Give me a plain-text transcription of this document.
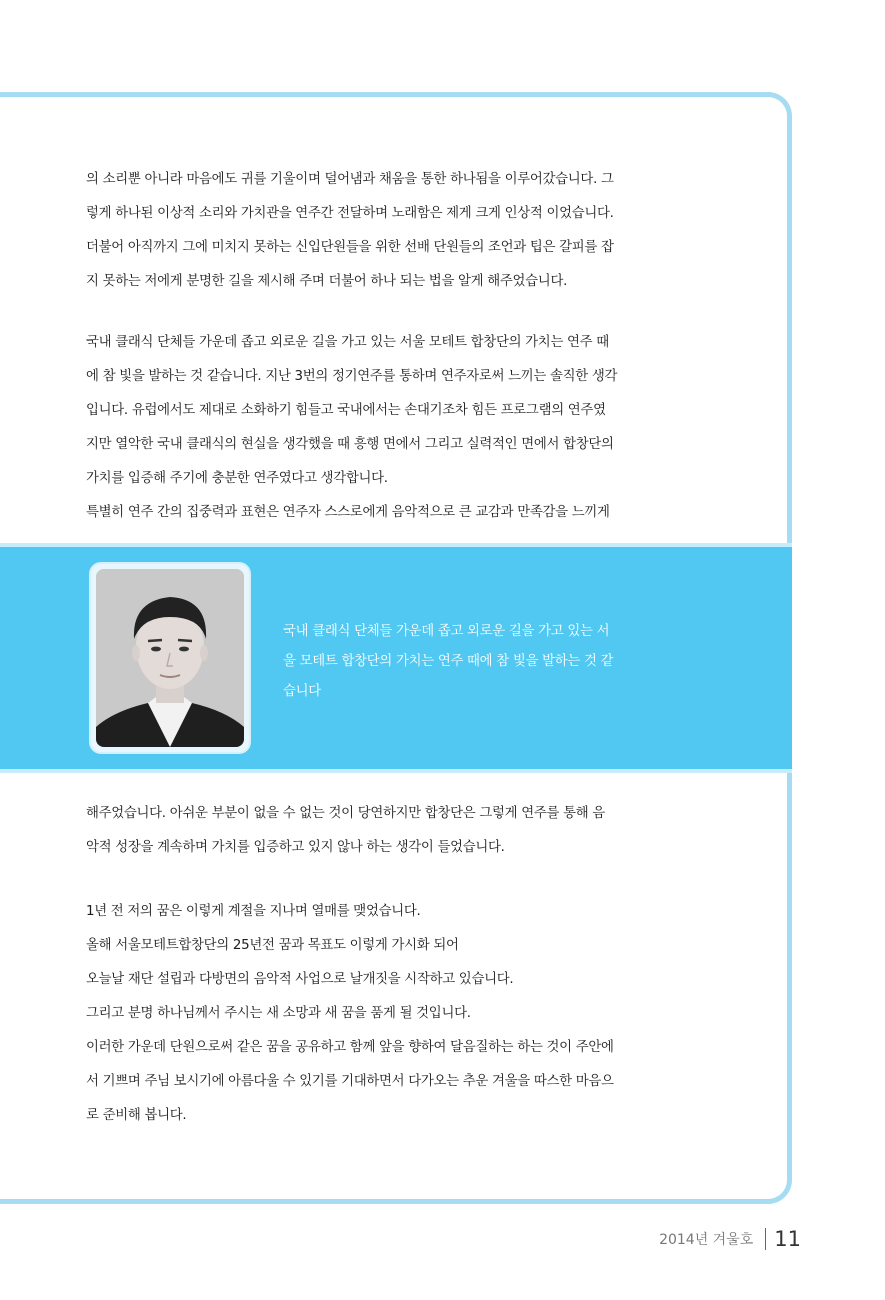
의 소리뿐 아니라 마음에도 귀를 기울이며 덜어냄과 채움을 통한 하나됨을 이루어갔습니다. 그

렇게 하나된 이상적 소리와 가치관을 연주간 전달하며 노래함은 제게 크게 인상적 이었습니다.

더불어 아직까지 그에 미치지 못하는 신입단원들을 위한 선배 단원들의 조언과 팁은 갈피를 잡

지 못하는 저에게 분명한 길을 제시해 주며 더불어 하나 되는 법을 알게 해주었습니다.

국내 클래식 단체들 가운데 좁고 외로운 길을 가고 있는 서울 모테트 합창단의 가치는 연주 때

에 참 빛을 발하는 것 같습니다. 지난 3번의 정기연주를 통하며 연주자로써 느끼는 솔직한 생각

입니다. 유럽에서도 제대로 소화하기 힘들고 국내에서는 손대기조차 힘든 프로그램의 연주였

지만 열악한 국내 클래식의 현실을 생각했을 때 흥행 면에서 그리고 실력적인 면에서 합창단의

가치를 입증해 주기에 충분한 연주였다고 생각합니다.

특별히 연주 간의 집중력과 표현은 연주자 스스로에게 음악적으로 큰 교감과 만족감을 느끼게

국내 클래식 단체들 가운데 좁고 외로운 길을 가고 있는 서
울 모테트 합창단의 가치는 연주 때에 참 빛을 발하는 것 같
습니다

해주었습니다. 아쉬운 부분이 없을 수 없는 것이 당연하지만 합창단은 그렇게 연주를 통해 음

악적 성장을 계속하며 가치를 입증하고 있지 않나 하는 생각이 들었습니다.

1년 전 저의 꿈은 이렇게 계절을 지나며 열매를 맺었습니다.

올해 서울모테트합창단의 25년전 꿈과 목표도 이렇게 가시화 되어

오늘날 재단 설립과 다방면의 음악적 사업으로 날개짓을 시작하고 있습니다.

그리고 분명 하나님께서 주시는 새 소망과 새 꿈을 품게 될 것입니다.

이러한 가운데 단원으로써 같은 꿈을 공유하고 함께 앞을 향하여 달음질하는 하는 것이 주안에

서 기쁘며 주님 보시기에 아름다울 수 있기를 기대하면서 다가오는 추운 겨울을 따스한 마음으

로 준비해 봅니다.

2014년 겨울호 11
